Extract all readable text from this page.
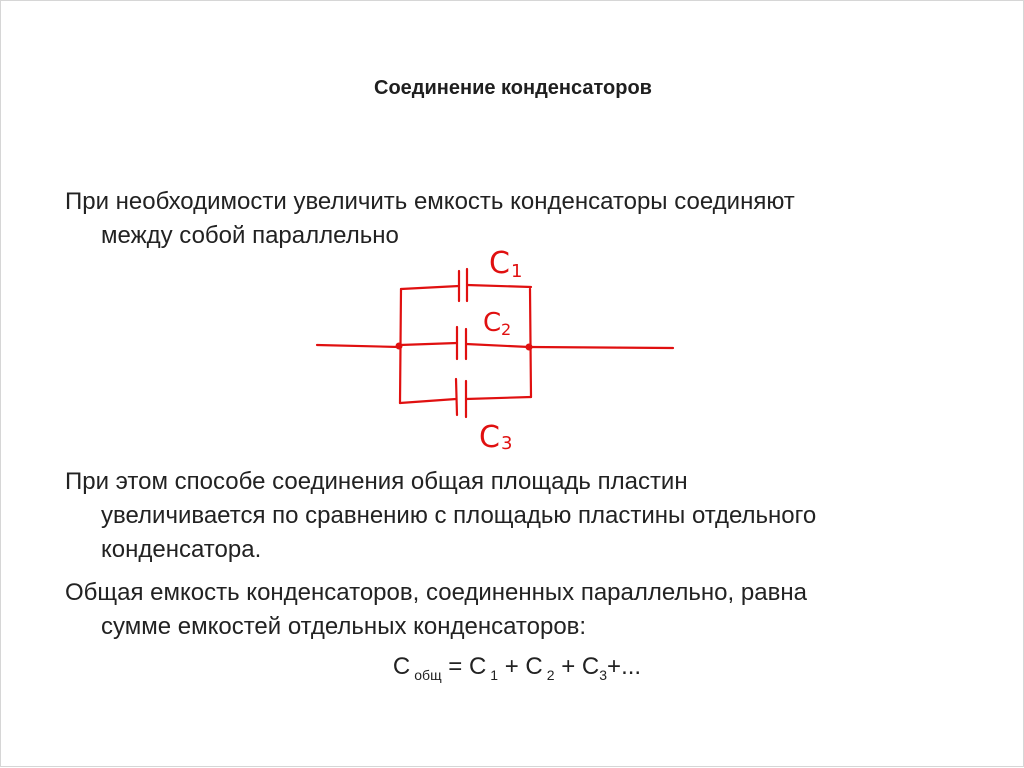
Соединение конденсаторов
При необходимости увеличить емкость конденсаторы соединяют
между собой параллельно
C 1
C 2
C 3
При этом способе соединения общая площадь пластин
увеличивается по сравнению с площадью пластины отдельного
конденсатора.
Общая емкость конденсаторов, соединенных параллельно, равна
сумме емкостей отдельных конденсаторов:
С $_{общ}$ = С $_1$ + С $_2 + С_3+$...
